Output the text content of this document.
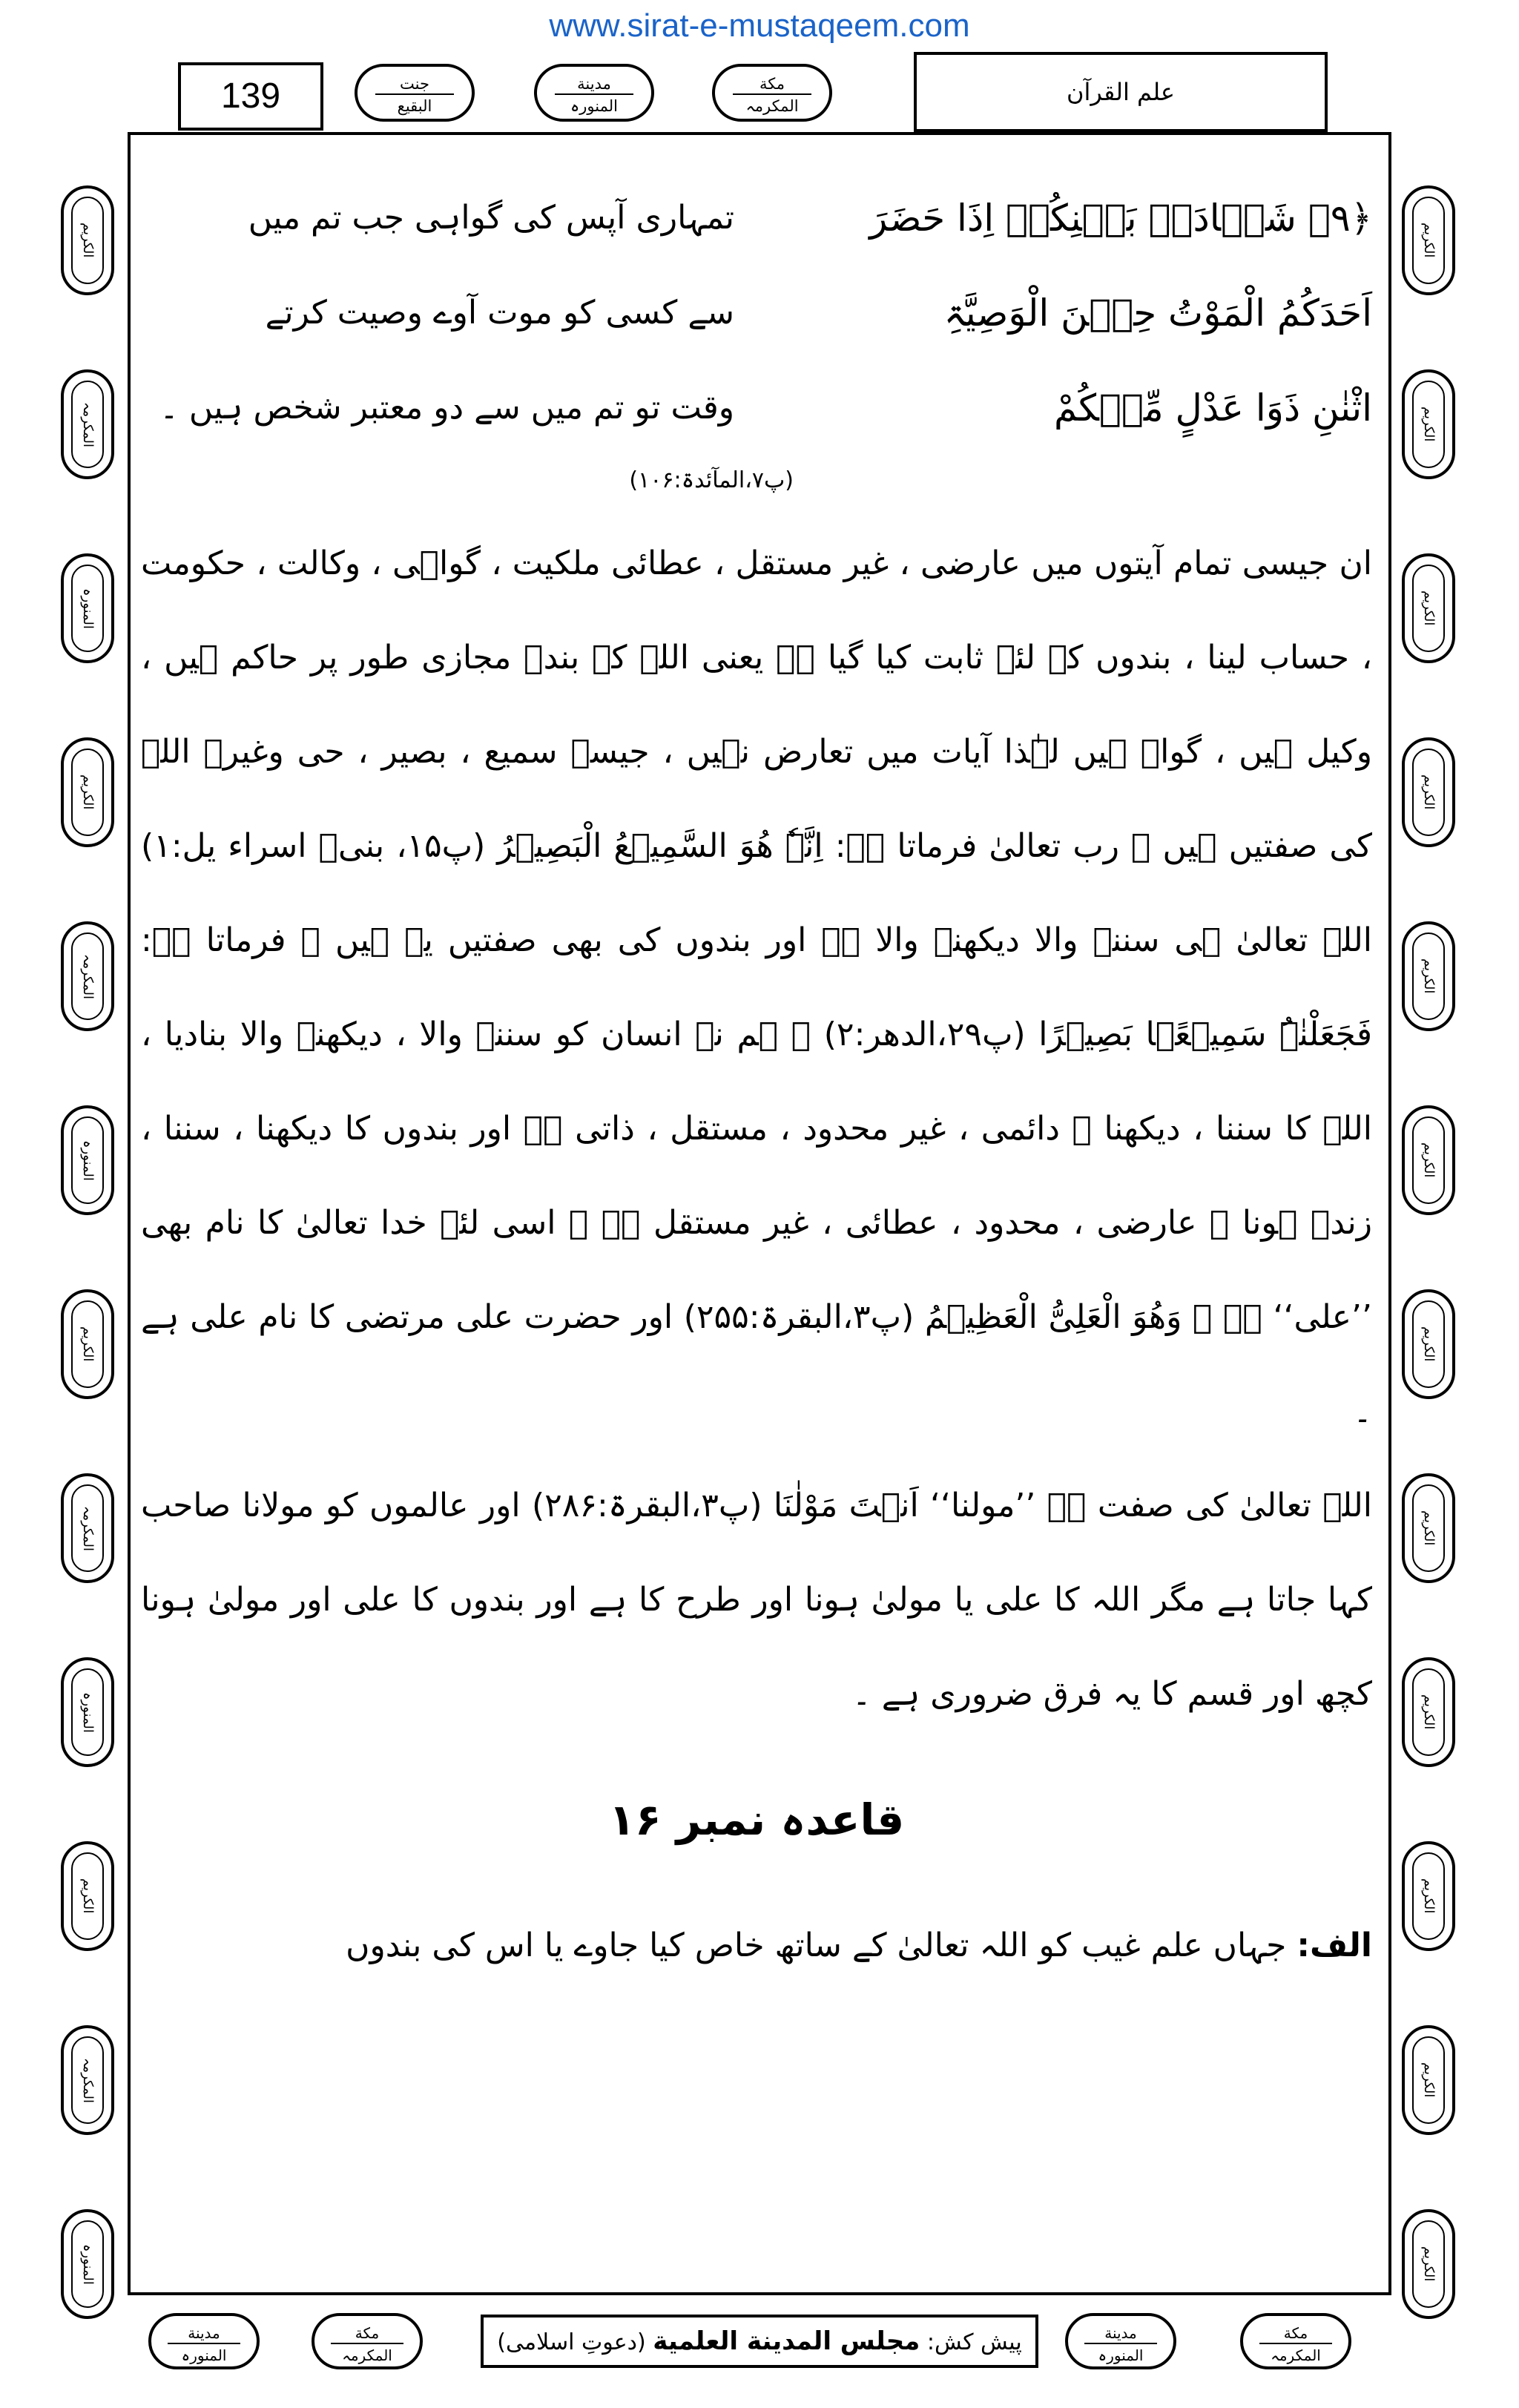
www.sirat-e-mustaqeem.com
139	جنت
البقیع
مدینة
المنورہ
مکة
المکرمہ	علم القرآن
الکریم
المکرمہ
المنورہ
الکریم
المکرمہ
المنورہ
الکریم
المکرمہ
المنورہ
الکریم
المکرمہ
المنورہ
الکریم
الکریم
الکریم
الکریم
الکریم
الکریم
الکریم
الکریم
الکریم
الکریم
الکریم
الکریم
﴿۹﴾ شَہَادَۃُ بَیۡنِکُمۡ اِذَا حَضَرَ
اَحَدَکُمُ الْمَوْتُ حِیۡنَ الْوَصِیَّۃِ
اثْنٰنِ ذَوَا عَدْلٍ مِّنۡکُمْ
تمہاری آپس کی گواہی جب تم میں
سے کسی کو موت آوے وصیت کرتے
وقت تو تم میں سے دو معتبر شخص ہیں ۔
(پ۷،المآئدۃ:۱۰۶)

ان جیسی تمام آیتوں میں عارضی ، غیر مستقل ، عطائی ملکیت ، گواہی ، وکالت ، حکومت ، حساب لینا ، بندوں کے لئے ثابت کیا گیا ہے یعنی اللہ کے بندے مجازی طور پر حاکم ہیں ، وکیل ہیں ، گواہ ہیں لہٰذا آیات میں تعارض نہیں ، جیسے سمیع ، بصیر ، حی وغیرہ اللہ کی صفتیں ہیں ۔ رب تعالیٰ فرماتا ہے: اِنَّہٗ ھُوَ السَّمِیۡعُ الْبَصِیۡرُ (پ۱۵، بنیۤ اسراء یل:۱) اللہ تعالیٰ ہی سننے والا دیکھنے والا ہے اور بندوں کی بھی صفتیں یہ ہیں ۔ فرماتا ہے: فَجَعَلْنٰہُ سَمِیۡعًۢا بَصِیۡرًا (پ۲۹،الدھر:۲) ۔ ہم نے انسان کو سننے والا ، دیکھنے والا بنادیا ، اللہ کا سننا ، دیکھنا ۔ دائمی ، غیر محدود ، مستقل ، ذاتی ہے اور بندوں کا دیکھنا ، سننا ، زندہ ہونا ۔ عارضی ، محدود ، عطائی ، غیر مستقل ہے ۔ اسی لئے خدا تعالیٰ کا نام بھی ’’علی‘‘ ہے ۔ وَھُوَ الْعَلِیُّ الْعَظِیۡمُ (پ۳،البقرۃ:۲۵۵) اور حضرت علی مرتضی کا نام علی ہے ۔

اللہ تعالیٰ کی صفت ہے ’’مولنا‘‘ اَنۡتَ مَوْلٰنَا (پ۳،البقرۃ:۲۸۶) اور عالموں کو مولانا صاحب کہا جاتا ہے مگر اللہ کا علی یا مولیٰ ہونا اور طرح کا ہے اور بندوں کا علی اور مولیٰ ہونا کچھ اور قسم کا یہ فرق ضروری ہے ۔

قاعدہ نمبر ۱۶
الف: جہاں علم غیب کو اللہ تعالیٰ کے ساتھ خاص کیا جاوے یا اس کی بندوں
مدینة
المنورہ
مکة
المکرمہ	پیش کش: مجلس المدینة العلمیة (دعوتِ اسلامی)	مدینة
المنورہ
مکة
المکرمہ
